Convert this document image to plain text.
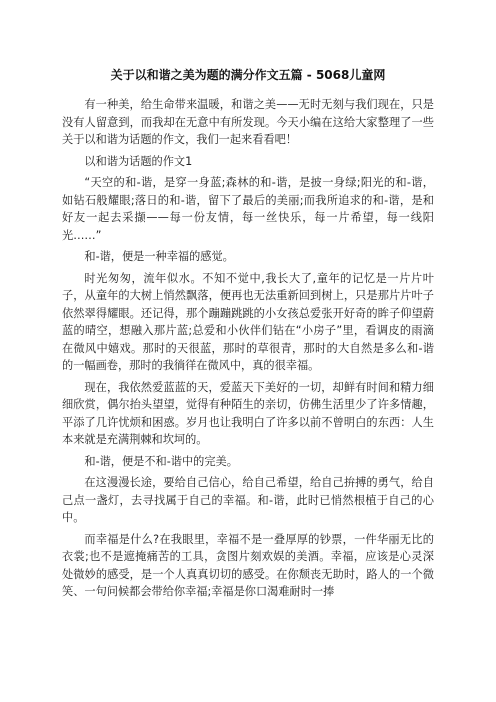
关于以和谐之美为题的满分作文五篇 - 5068儿童网

有一种美，给生命带来温暖，和谐之美——无时无刻与我们现在，只是没有人留意到，而我却在无意中有所发现。今天小编在这给大家整理了一些关于以和谐为话题的作文，我们一起来看看吧！

以和谐为话题的作文1

“天空的和-谐，是穿一身蓝;森林的和-谐，是披一身绿;阳光的和-谐，如钻石般耀眼;落日的和-谐，留下了最后的美丽;而我所追求的和-谐，是和好友一起去采撷——每一份友情，每一丝快乐，每一片希望，每一线阳光……”

和-谐，便是一种幸福的感觉。

时光匆匆，流年似水。不知不觉中,我长大了,童年的记忆是一片片叶子，从童年的大树上悄然飘落，便再也无法重新回到树上，只是那片片叶子依然翠得耀眼。还记得，那个蹦蹦跳跳的小女孩总爱张开好奇的眸子仰望蔚蓝的晴空，想融入那片蓝;总爱和小伙伴们钻在“小房子”里，看调皮的雨滴在微风中嬉戏。那时的天很蓝，那时的草很青，那时的大自然是多么和-谐的一幅画卷，那时的我徜徉在微风中，真的很幸福。

现在，我依然爱蓝蓝的天，爱蓝天下美好的一切，却鲜有时间和精力细细欣赏，偶尔抬头望望，觉得有种陌生的亲切，仿佛生活里少了许多情趣，平添了几许忧烦和困惑。岁月也让我明白了许多以前不曾明白的东西：人生本来就是充满荆棘和坎坷的。

和-谐，便是不和-谐中的完美。

在这漫漫长途，要给自己信心，给自己希望，给自己拚搏的勇气，给自己点一盏灯，去寻找属于自己的幸福。和-谐，此时已悄然根植于自己的心中。

而幸福是什么?在我眼里，幸福不是一叠厚厚的钞票，一件华丽无比的衣裳;也不是遮掩痛苦的工具，贪图片刻欢娱的美酒。幸福，应该是心灵深处微妙的感受，是一个人真真切切的感受。在你颓丧无助时，路人的一个微笑、一句问候都会带给你幸福;幸福是你口渴难耐时一捧
